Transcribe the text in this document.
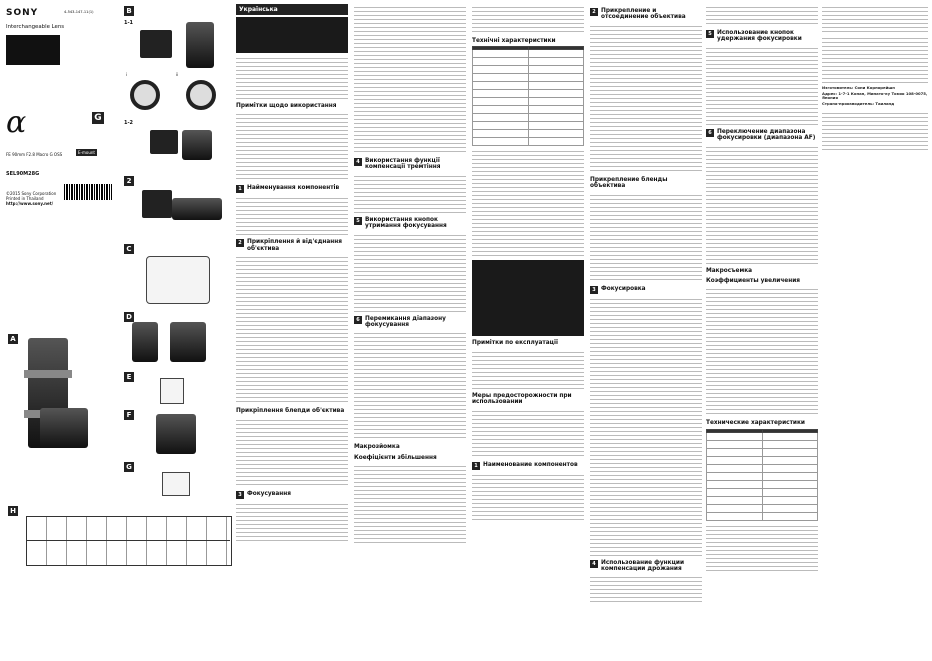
SONY	4-543-147-11(1)
Interchangeable Lens
α	G
FE 90mm F2.8 Macro G OSS	E-mount
SEL90M28G
©2015 Sony Corporation
Printed in Thailand
http://www.sony.net/
A
B
1-1
i	ii
1-2
2
C
D
E
F
G
H
Українська
Примітки щодо використання
1 Найменування компонентів
2 Прикріплення й від'єднання об'єктива
Прикріплення блепди об'єктива
3 Фокусування
4 Використання функції компенсації тремтіння
5 Використання кнопок утримання фокусування
6 Перемикання діапазону фокусування
Макрозйомка
Коефіцієнти збільшення
Технічні характеристики

Примітки по експлуатації
Меры предосторожности при использовании
1 Наименование компонентов
2 Прикрепление и отсоединение объектива
Прикрепление бленды объектива
3 Фокусировка
4 Использование функции компенсации дрожания
5 Использование кнопок удержания фокусировки
6 Переключение диапазона фокусировки (диапазона AF)
Макросъемка
Коэффициенты увеличения
Технические характеристики

Изготовитель: Сони Корпорейшн
Адрес: 1-7-1 Конан, Минато-ку Токио 108-0075, Япония
Страна-производитель: Таиланд
